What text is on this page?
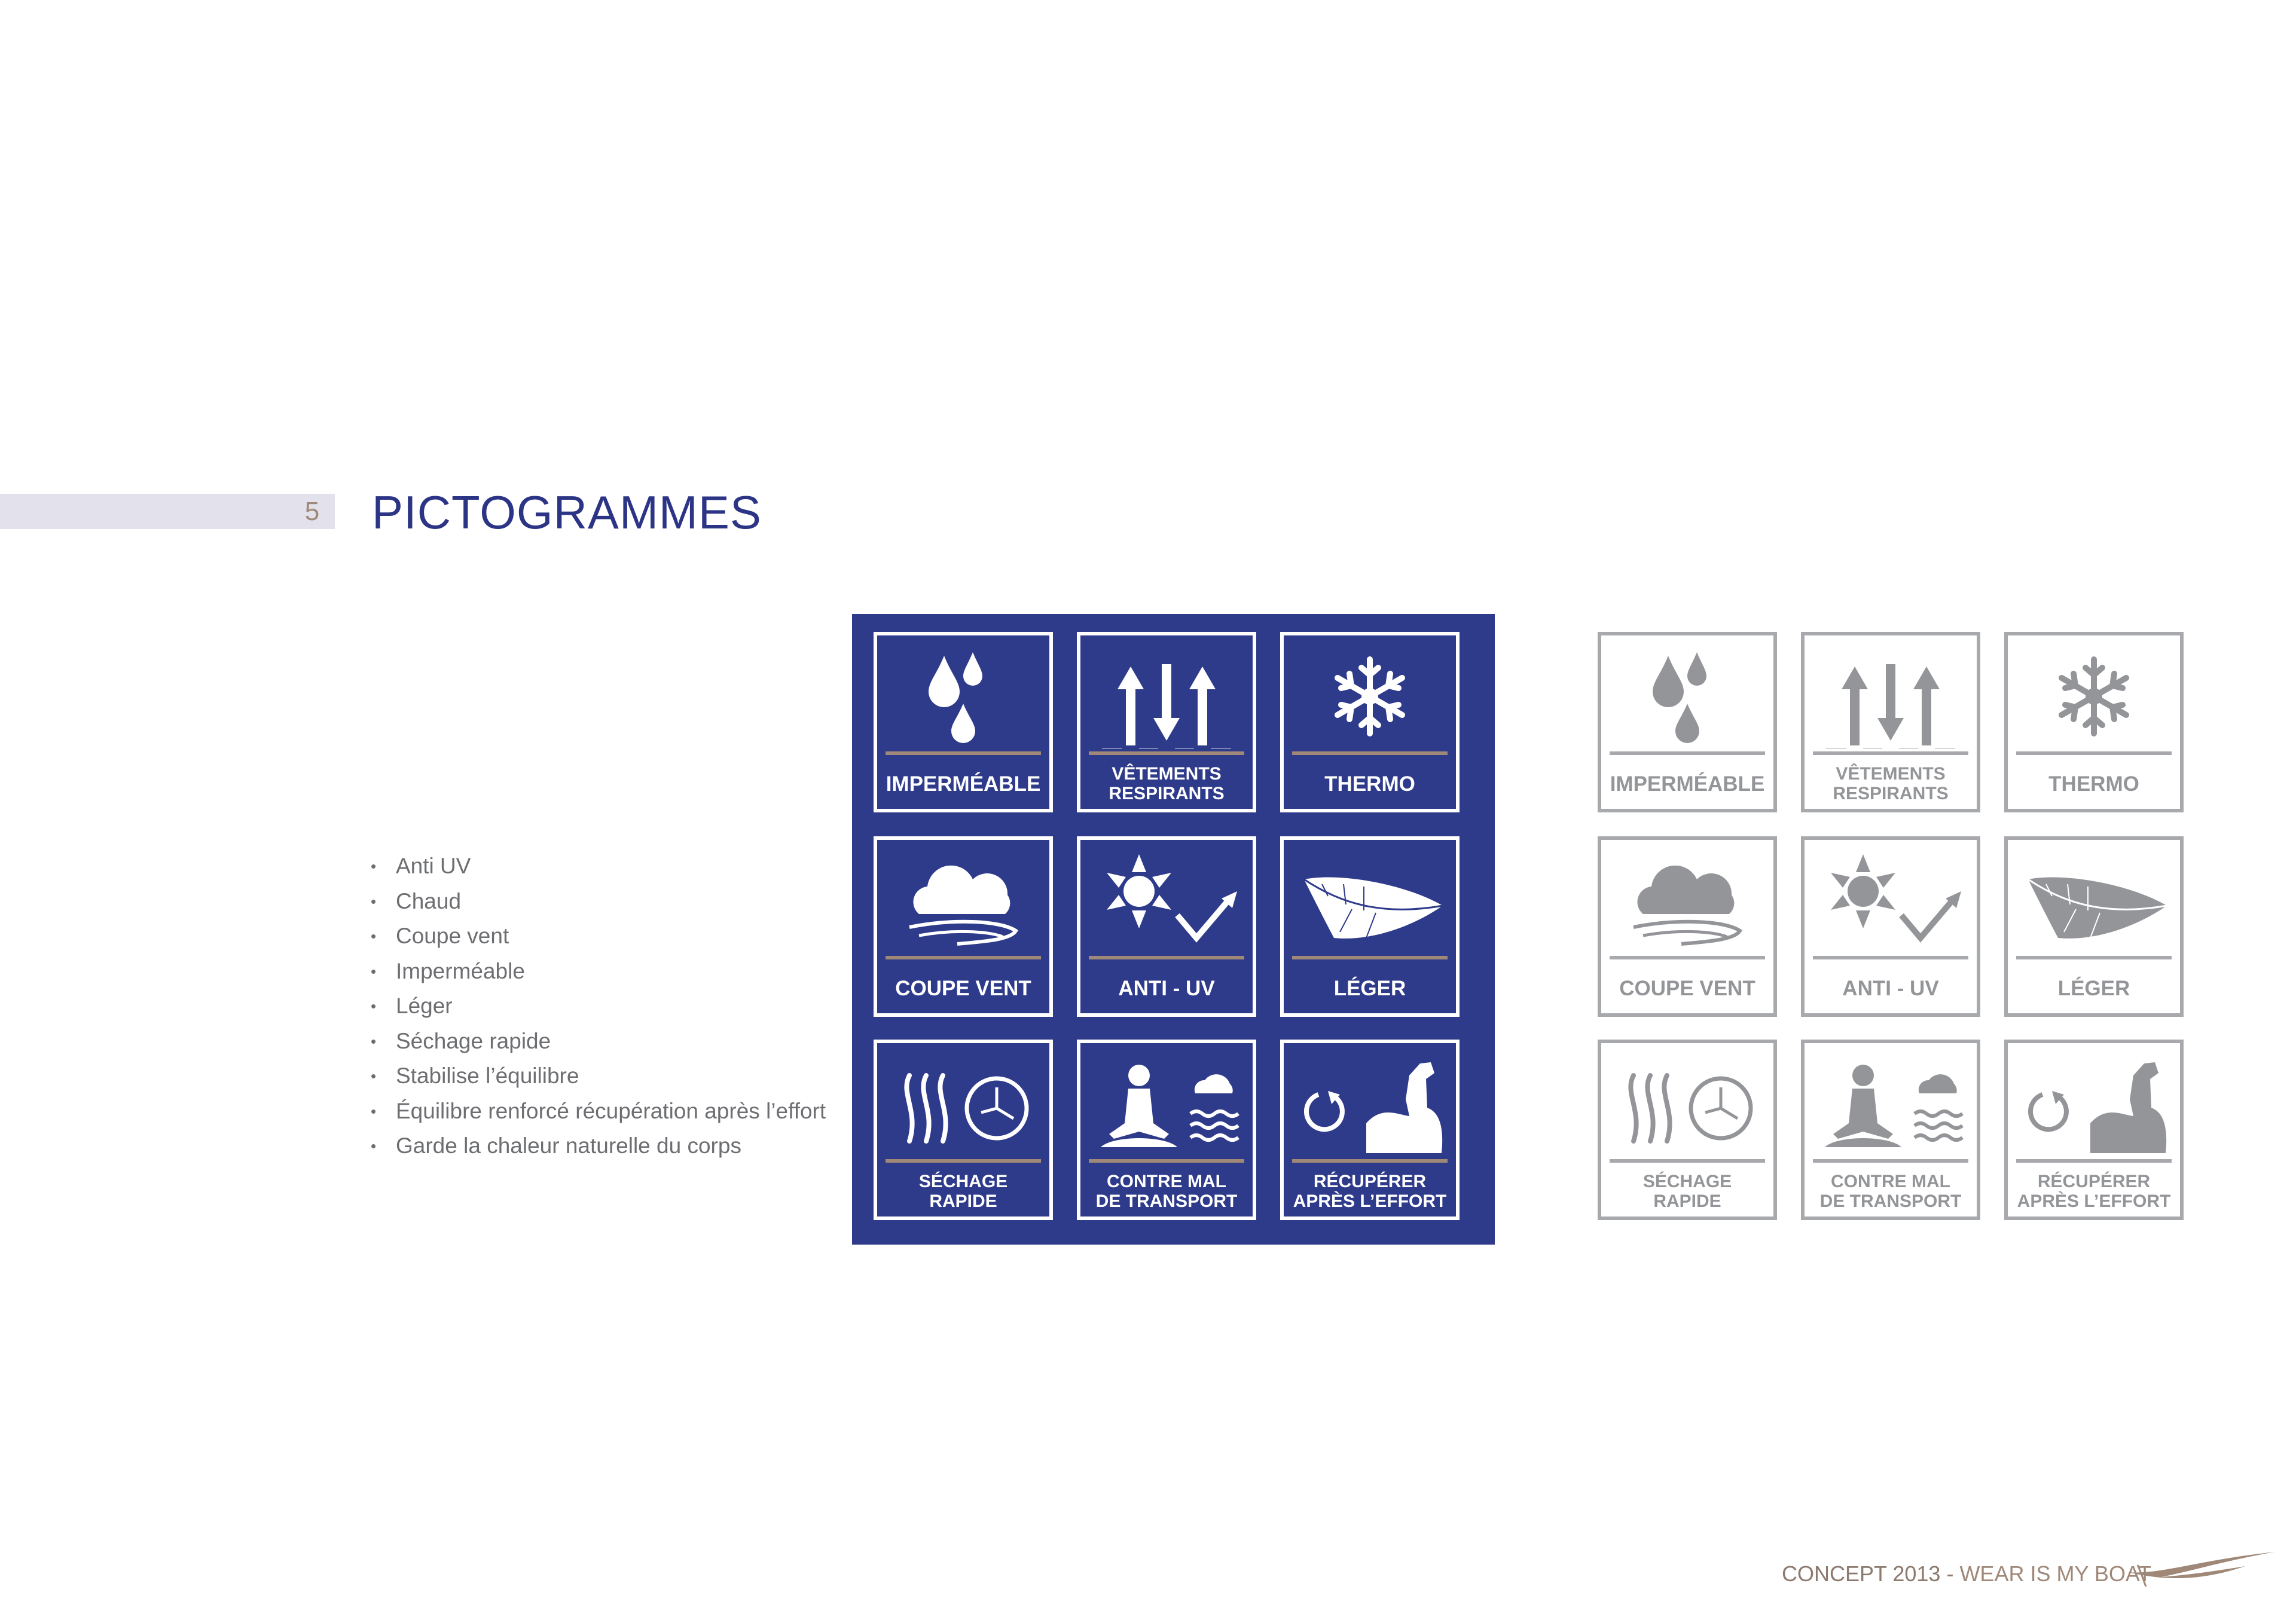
5 PICTOGRAMMES
• Anti UV
• Chaud
• Coupe vent
• Imperméable
• Léger
• Séchage rapide
• Stabilise l’équilibre
• Équilibre renforcé récupération après l’effort
• Garde la chaleur naturelle du corps
IMPERMÉABLE	VÊTEMENTS
RESPIRANTS	THERMO
COUPE VENT	ANTI - UV	LÉGER
SÉCHAGE
RAPIDE
CONTRE MAL
DE TRANSPORT
RÉCUPÉRER
APRÈS L’EFFORT
IMPERMÉABLE	VÊTEMENTS
RESPIRANTS	THERMO
COUPE VENT	ANTI - UV	LÉGER
SÉCHAGE
RAPIDE
CONTRE MAL
DE TRANSPORT
RÉCUPÉRER
APRÈS L’EFFORT
CONCEPT 2013 - WEAR IS MY BOAT
